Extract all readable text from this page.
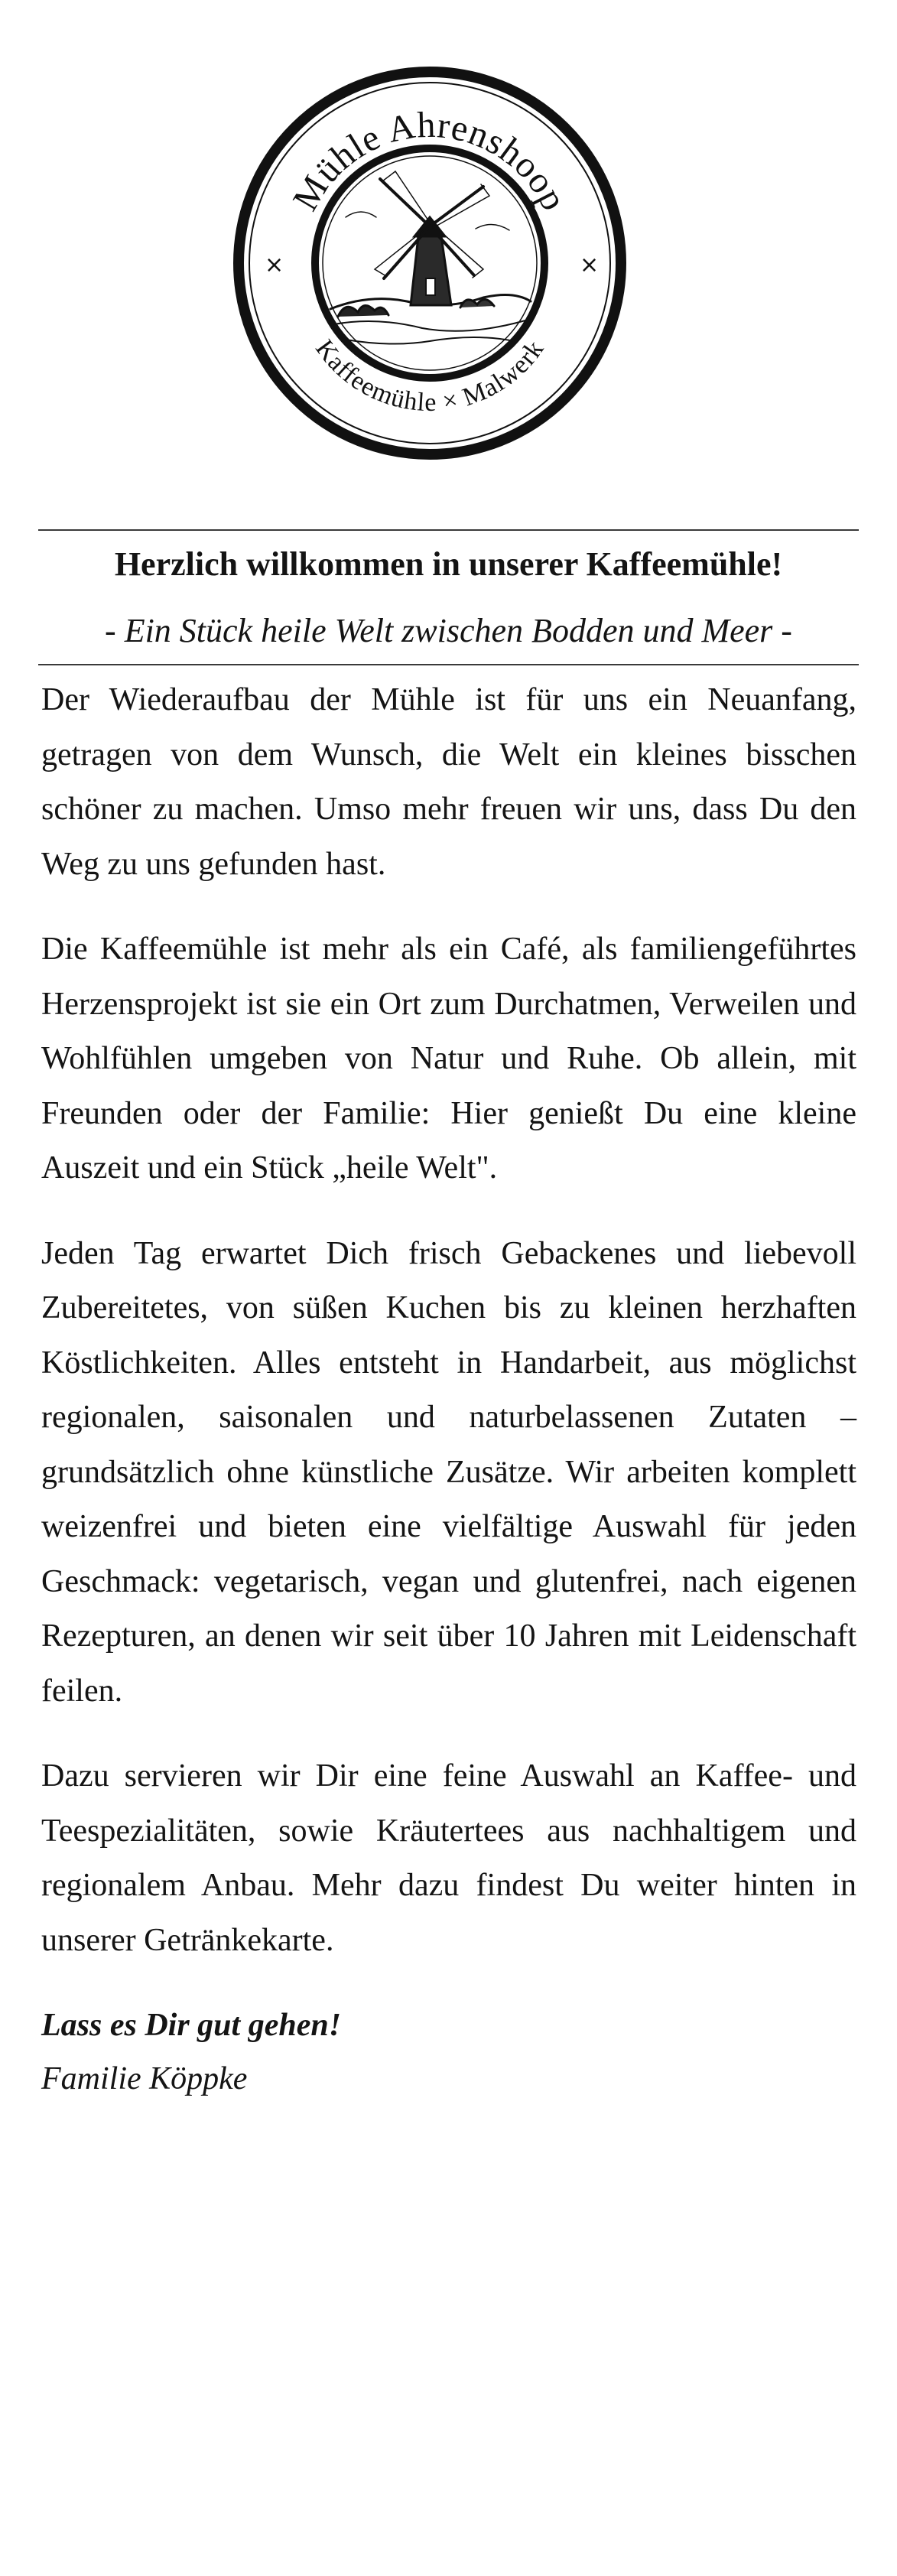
Mühle Ahrenshoop
Kaffeemühle × Malwerk
×	×
Herzlich willkommen in unserer Kaffeemühle!
- Ein Stück heile Welt zwischen Bodden und Meer -

Der Wiederaufbau der Mühle ist für uns ein Neuanfang, getragen von dem Wunsch, die Welt ein kleines bisschen schöner zu machen. Umso mehr freuen wir uns, dass Du den Weg zu uns gefunden hast.

Die Kaffeemühle ist mehr als ein Café, als familiengeführtes Herzensprojekt ist sie ein Ort zum Durchatmen, Verweilen und Wohlfühlen umgeben von Natur und Ruhe. Ob allein, mit Freunden oder der Familie: Hier genießt Du eine kleine Auszeit und ein Stück „heile Welt".

Jeden Tag erwartet Dich frisch Gebackenes und liebevoll Zubereitetes, von süßen Kuchen bis zu kleinen herzhaften Köstlichkeiten. Alles entsteht in Handarbeit, aus möglichst regionalen, saisonalen und naturbelassenen Zutaten – grundsätzlich ohne künstliche Zusätze. Wir arbeiten komplett weizenfrei und bieten eine vielfältige Auswahl für jeden Geschmack: vegetarisch, vegan und glutenfrei, nach eigenen Rezepturen, an denen wir seit über 10 Jahren mit Leidenschaft feilen.

Dazu servieren wir Dir eine feine Auswahl an Kaffee- und Teespezialitäten, sowie Kräutertees aus nachhaltigem und regionalem Anbau. Mehr dazu findest Du weiter hinten in unserer Getränkekarte.

Lass es Dir gut gehen!
Familie Köppke
